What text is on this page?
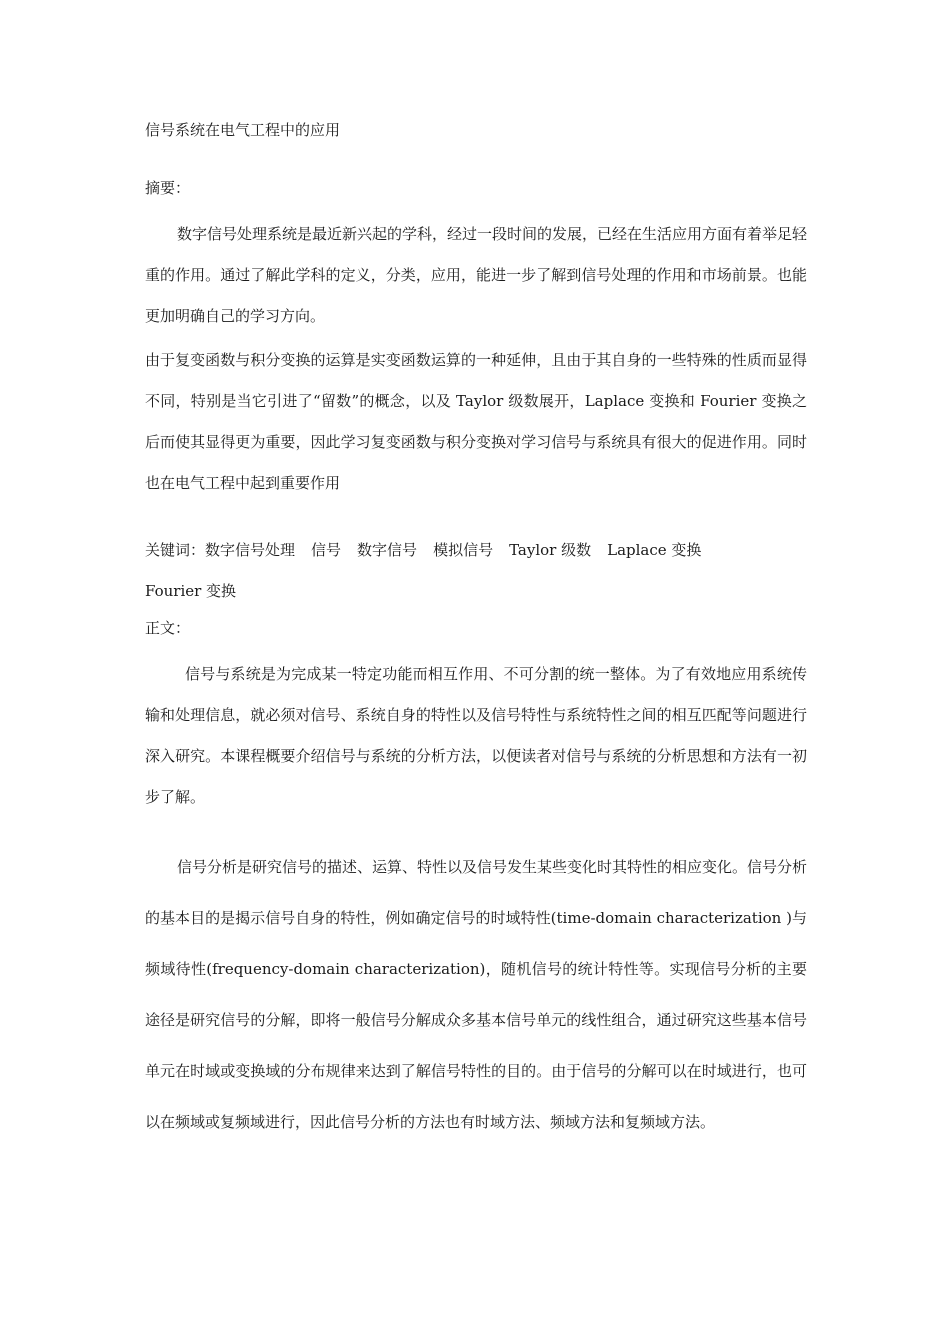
信号系统在电气工程中的应用

摘要：

数字信号处理系统是最近新兴起的学科，经过一段时间的发展，已经在生活应用方面有着举足轻重的作用。通过了解此学科的定义，分类，应用，能进一步了解到信号处理的作用和市场前景。也能更加明确自己的学习方向。

由于复变函数与积分变换的运算是实变函数运算的一种延伸，且由于其自身的一些特殊的性质而显得不同，特别是当它引进了“留数”的概念，以及 Taylor 级数展开，Laplace 变换和 Fourier 变换之后而使其显得更为重要，因此学习复变函数与积分变换对学习信号与系统具有很大的促进作用。同时也在电气工程中起到重要作用

关键词：数字信号处理 信号 数字信号 模拟信号 Taylor 级数 Laplace 变换Fourier 变换

正文：

信号与系统是为完成某一特定功能而相互作用、不可分割的统一整体。为了有效地应用系统传输和处理信息，就必须对信号、系统自身的特性以及信号特性与系统特性之间的相互匹配等问题进行深入研究。本课程概要介绍信号与系统的分析方法，以便读者对信号与系统的分析思想和方法有一初步了解。

信号分析是研究信号的描述、运算、特性以及信号发生某些变化时其特性的相应变化。信号分析的基本目的是揭示信号自身的特性，例如确定信号的时域特性(time-domain characterization )与频域待性(frequency-domain characterization)，随机信号的统计特性等。实现信号分析的主要途径是研究信号的分解，即将一般信号分解成众多基本信号单元的线性组合，通过研究这些基本信号单元在时域或变换域的分布规律来达到了解信号特性的目的。由于信号的分解可以在时域进行，也可以在频域或复频域进行，因此信号分析的方法也有时域方法、频域方法和复频域方法。
